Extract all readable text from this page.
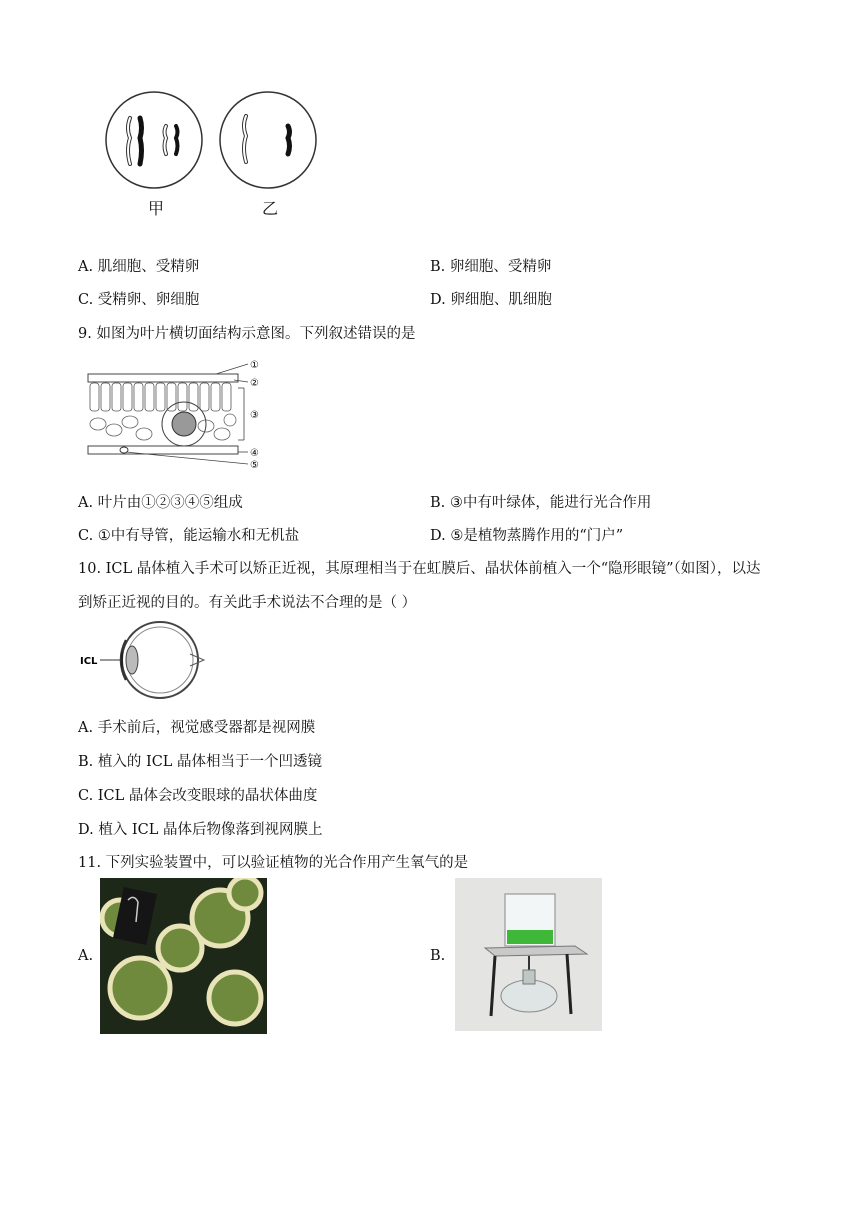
甲	乙
A. 肌细胞、受精卵	B. 卵细胞、受精卵
C. 受精卵、卵细胞	D. 卵细胞、肌细胞
9. 如图为叶片横切面结构示意图。下列叙述错误的是
①
②
③
④
⑤
A. 叶片由①②③④⑤组成	B. ③中有叶绿体，能进行光合作用
C. ①中有导管，能运输水和无机盐	D. ⑤是植物蒸腾作用的“门户”
10. ICL 晶体植入手术可以矫正近视，其原理相当于在虹膜后、晶状体前植入一个“隐形眼镜”（如图），以达
到矫正近视的目的。有关此手术说法不合理的是（ ）
ICL
A. 手术前后，视觉感受器都是视网膜
B. 植入的 ICL 晶体相当于一个凹透镜
C. ICL 晶体会改变眼球的晶状体曲度
D. 植入 ICL 晶体后物像落到视网膜上
11. 下列实验装置中，可以验证植物的光合作用产生氧气的是
A.	B.
